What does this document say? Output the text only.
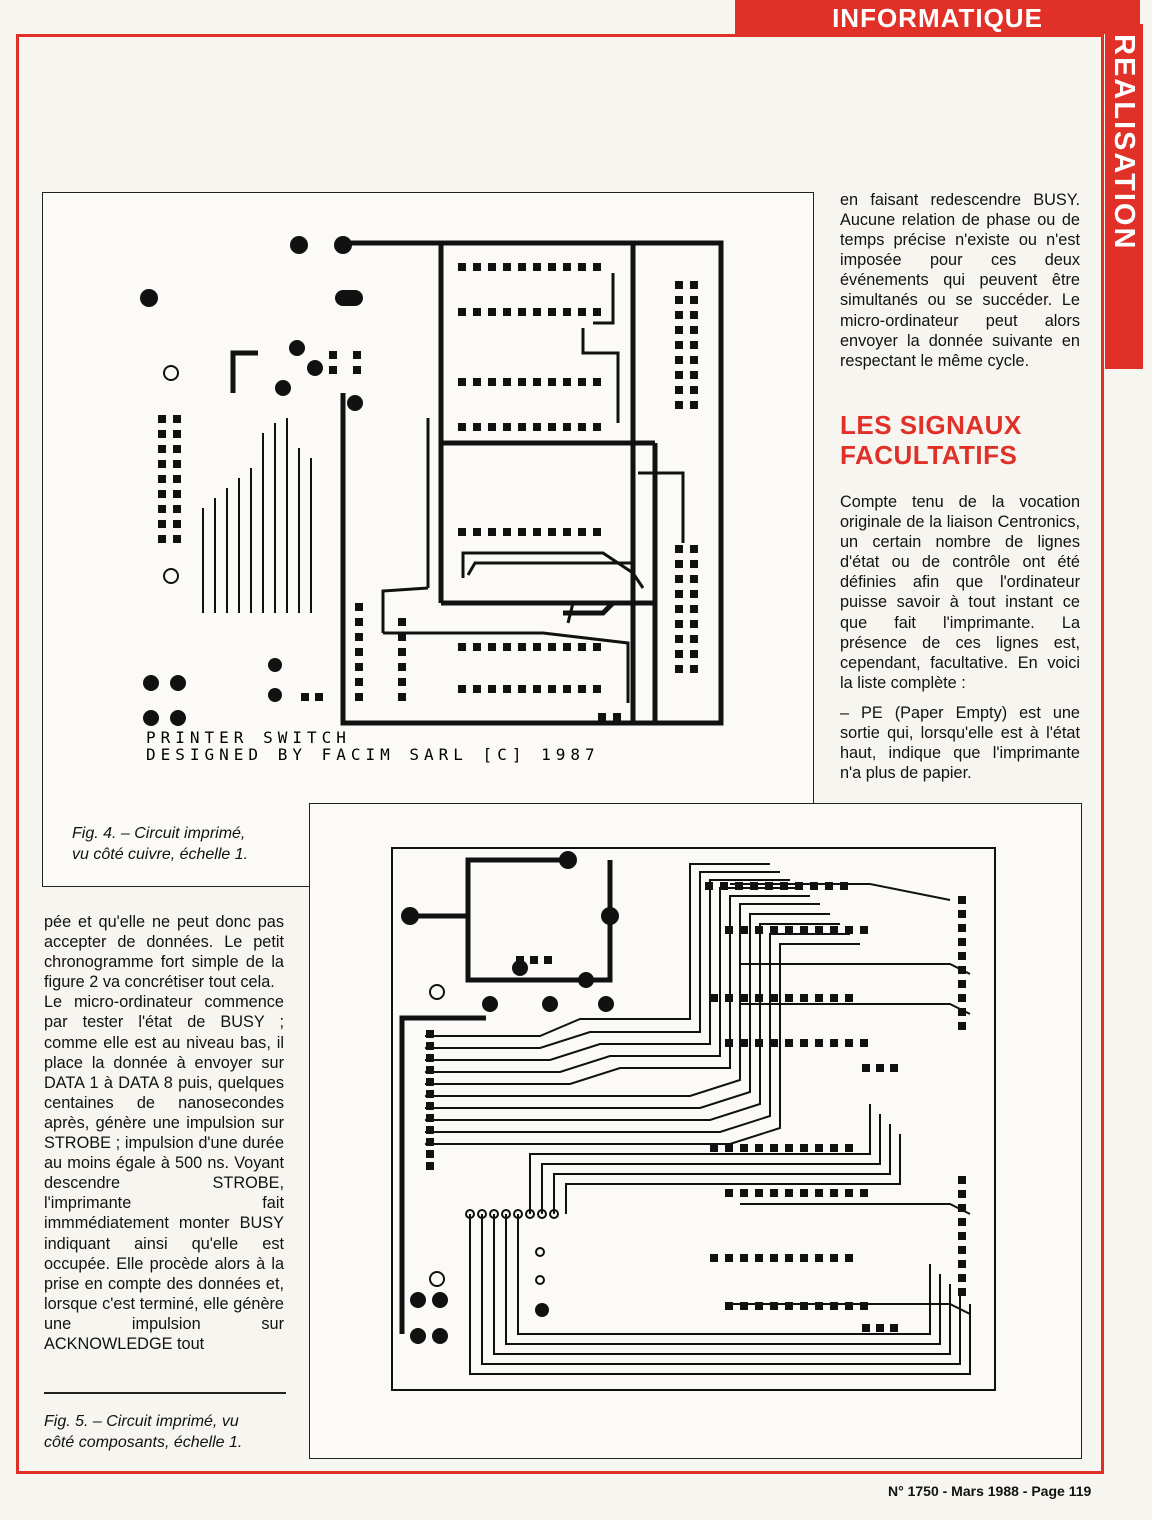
INFORMATIQUE
REALISATION
PRINTER SWITCH
DESIGNED BY FACIM SARL [C] 1987
Fig. 4. – Circuit imprimé,
vu côté cuivre, échelle 1.

en faisant redescendre BUSY. Aucune relation de phase ou de temps précise n'existe ou n'est imposée pour ces deux événements qui peuvent être simultanés ou se succéder. Le micro-ordinateur peut alors envoyer la donnée suivante en respectant le même cycle.

LES SIGNAUX
FACULTATIFS

Compte tenu de la vocation originale de la liaison Centronics, un certain nombre de lignes d'état ou de contrôle ont été définies afin que l'ordinateur puisse savoir à tout instant ce que fait l'imprimante. La présence de ces lignes est, cependant, facultative. En voici la liste complète :

– PE (Paper Empty) est une sortie qui, lorsqu'elle est à l'état haut, indique que l'imprimante n'a plus de papier.

pée et qu'elle ne peut donc pas accepter de données. Le petit chronogramme fort simple de la figure 2 va concrétiser tout cela.

Le micro-ordinateur commence par tester l'état de BUSY ; comme elle est au niveau bas, il place la donnée à envoyer sur DATA 1 à DATA 8 puis, quelques centaines de nanosecondes après, génère une impulsion sur STROBE ; impulsion d'une durée au moins égale à 500 ns. Voyant descendre STROBE, l'imprimante fait immmédiatement monter BUSY indiquant ainsi qu'elle est occupée. Elle procède alors à la prise en compte des données et, lorsque c'est terminé, elle génère une impulsion sur ACKNOWLEDGE tout

Fig. 5. – Circuit imprimé, vu
côté composants, échelle 1.
N° 1750 - Mars 1988 - Page 119
